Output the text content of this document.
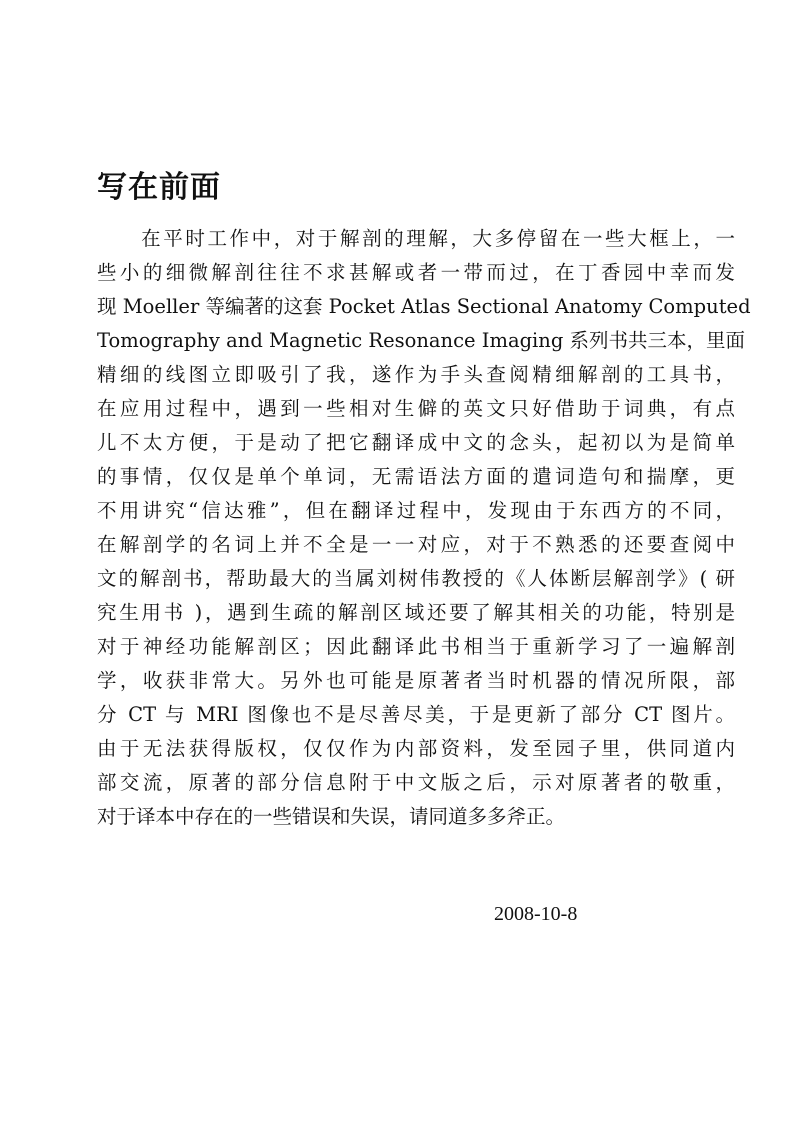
写在前面
　　在平时工作中，对于解剖的理解，大多停留在一些大框上，一
些小的细微解剖往往不求甚解或者一带而过，在丁香园中幸而发
现 Moeller 等编著的这套 Pocket Atlas Sectional Anatomy Computed
Tomography and Magnetic Resonance Imaging 系列书共三本，里面
精细的线图立即吸引了我，遂作为手头查阅精细解剖的工具书，
在应用过程中，遇到一些相对生僻的英文只好借助于词典，有点
儿不太方便，于是动了把它翻译成中文的念头，起初以为是简单
的事情，仅仅是单个单词，无需语法方面的遣词造句和揣摩，更
不用讲究“信达雅”，但在翻译过程中，发现由于东西方的不同，
在解剖学的名词上并不全是一一对应，对于不熟悉的还要查阅中
文的解剖书，帮助最大的当属刘树伟教授的《人体断层解剖学》( 研
究生用书 )，遇到生疏的解剖区域还要了解其相关的功能，特别是
对于神经功能解剖区；因此翻译此书相当于重新学习了一遍解剖
学，收获非常大。另外也可能是原著者当时机器的情况所限，部
分 CT 与 MRI 图像也不是尽善尽美，于是更新了部分 CT 图片。
由于无法获得版权，仅仅作为内部资料，发至园子里，供同道内
部交流，原著的部分信息附于中文版之后，示对原著者的敬重，
对于译本中存在的一些错误和失误，请同道多多斧正。
2008-10-8
